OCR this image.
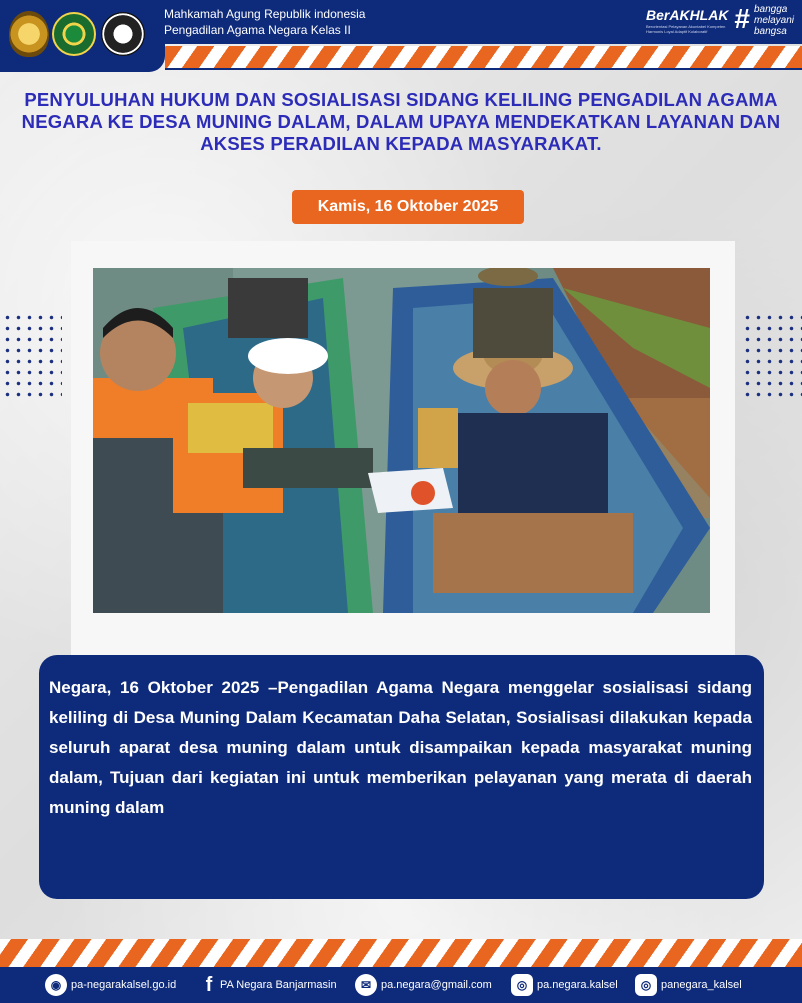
Mahkamah Agung Republik indonesia
Pengadilan Agama Negara Kelas II
BerAKHLAK
Berorientasi Pelayanan Akuntabel Kompeten Harmonis Loyal Adaptif Kolaboratif # bangga melayani bangsa
PENYULUHAN HUKUM DAN SOSIALISASI SIDANG KELILING PENGADILAN AGAMA NEGARA KE DESA MUNING DALAM, DALAM UPAYA MENDEKATKAN LAYANAN DAN AKSES PERADILAN KEPADA MASYARAKAT.
Kamis, 16 Oktober 2025

Negara, 16 Oktober 2025 –Pengadilan Agama Negara menggelar sosialisasi sidang keliling di Desa Muning Dalam Kecamatan Daha Selatan, Sosialisasi dilakukan kepada seluruh aparat desa muning dalam untuk disampaikan kepada masyarakat muning dalam, Tujuan dari kegiatan ini untuk memberikan pelayanan yang merata di daerah muning dalam

◉ pa-negarakalsel.go.id f PA Negara Banjarmasin	✉ pa.negara@gmail.com	◎ pa.negara.kalsel	◎ panegara_kalsel
